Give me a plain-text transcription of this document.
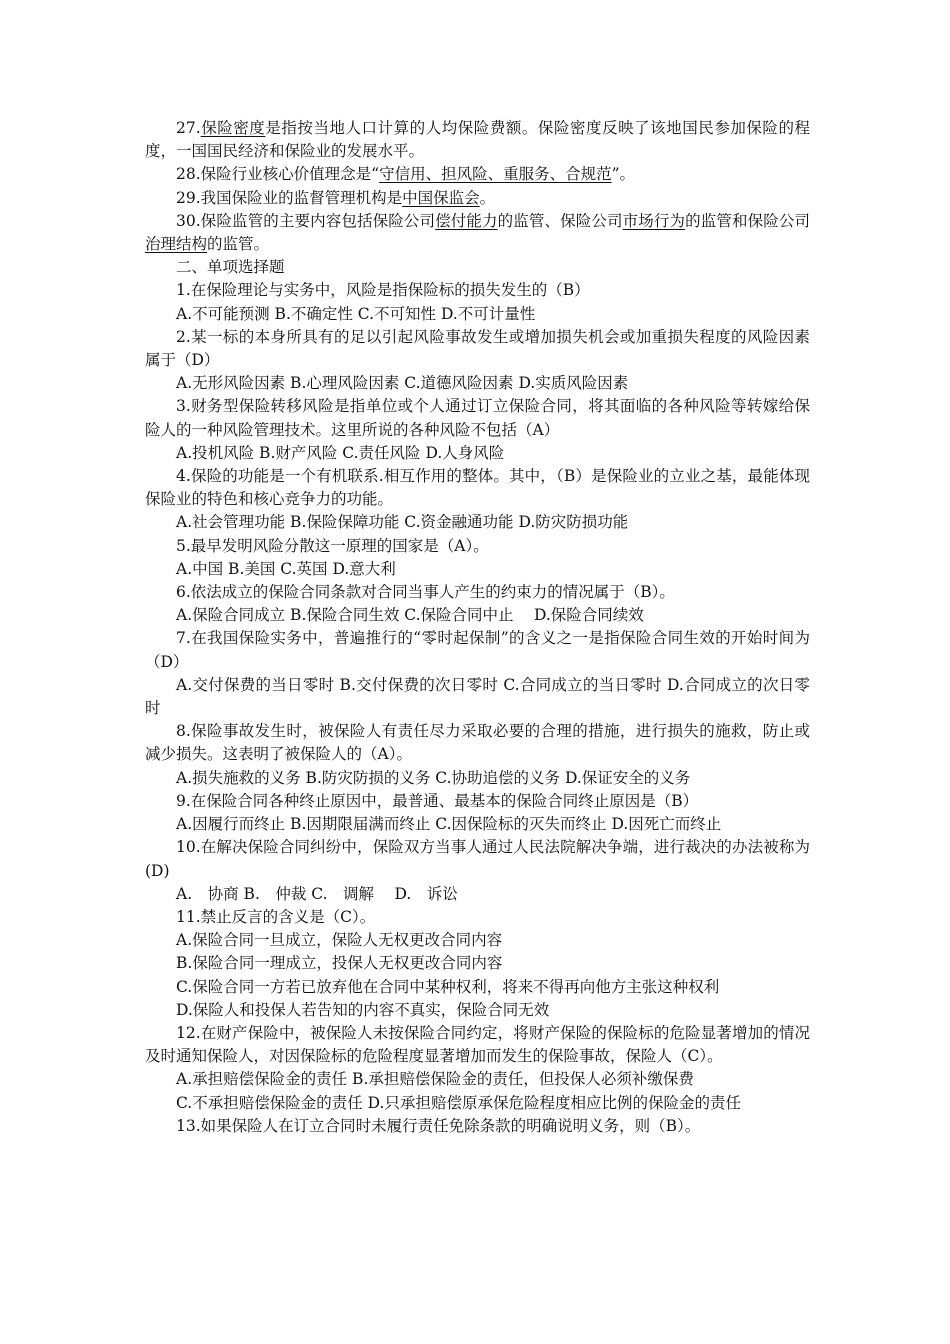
27.保险密度是指按当地人口计算的人均保险费额。保险密度反映了该地国民参加保险的程度，一国国民经济和保险业的发展水平。

28.保险行业核心价值理念是“守信用、担风险、重服务、合规范”。

29.我国保险业的监督管理机构是中国保监会。

30.保险监管的主要内容包括保险公司偿付能力的监管、保险公司市场行为的监管和保险公司治理结构的监管。

二、单项选择题

1.在保险理论与实务中，风险是指保险标的损失发生的（B）

A.不可能预测 B.不确定性 C.不可知性 D.不可计量性

2.某一标的本身所具有的足以引起风险事故发生或增加损失机会或加重损失程度的风险因素属于（D）

A.无形风险因素 B.心理风险因素 C.道德风险因素 D.实质风险因素

3.财务型保险转移风险是指单位或个人通过订立保险合同，将其面临的各种风险等转嫁给保险人的一种风险管理技术。这里所说的各种风险不包括（A）

A.投机风险 B.财产风险 C.责任风险 D.人身风险

4.保险的功能是一个有机联系.相互作用的整体。其中，（B）是保险业的立业之基，最能体现保险业的特色和核心竞争力的功能。

A.社会管理功能 B.保险保障功能 C.资金融通功能 D.防灾防损功能

5.最早发明风险分散这一原理的国家是（A）。

A.中国 B.美国 C.英国 D.意大利

6.依法成立的保险合同条款对合同当事人产生的约束力的情况属于（B）。

A.保险合同成立 B.保险合同生效 C.保险合同中止　 D.保险合同续效

7.在我国保险实务中，普遍推行的“零时起保制”的含义之一是指保险合同生效的开始时间为（D）

A.交付保费的当日零时 B.交付保费的次日零时 C.合同成立的当日零时 D.合同成立的次日零时

8.保险事故发生时，被保险人有责任尽力采取必要的合理的措施，进行损失的施救，防止或减少损失。这表明了被保险人的（A）。

A.损失施救的义务 B.防灾防损的义务 C.协助追偿的义务 D.保证安全的义务

9.在保险合同各种终止原因中，最普通、最基本的保险合同终止原因是（B）

A.因履行而终止 B.因期限届满而终止 C.因保险标的灭失而终止 D.因死亡而终止

10.在解决保险合同纠纷中，保险双方当事人通过人民法院解决争端，进行裁决的办法被称为(D)

A.　协商 B.　仲裁 C.　调解　 D.　诉讼

11.禁止反言的含义是（C）。

A.保险合同一旦成立，保险人无权更改合同内容

B.保险合同一理成立，投保人无权更改合同内容

C.保险合同一方若已放弃他在合同中某种权利，将来不得再向他方主张这种权利

D.保险人和投保人若告知的内容不真实，保险合同无效

12.在财产保险中，被保险人未按保险合同约定，将财产保险的保险标的危险显著增加的情况及时通知保险人，对因保险标的危险程度显著增加而发生的保险事故，保险人（C）。

A.承担赔偿保险金的责任 B.承担赔偿保险金的责任，但投保人必须补缴保费

C.不承担赔偿保险金的责任 D.只承担赔偿原承保危险程度相应比例的保险金的责任

13.如果保险人在订立合同时未履行责任免除条款的明确说明义务，则（B）。
